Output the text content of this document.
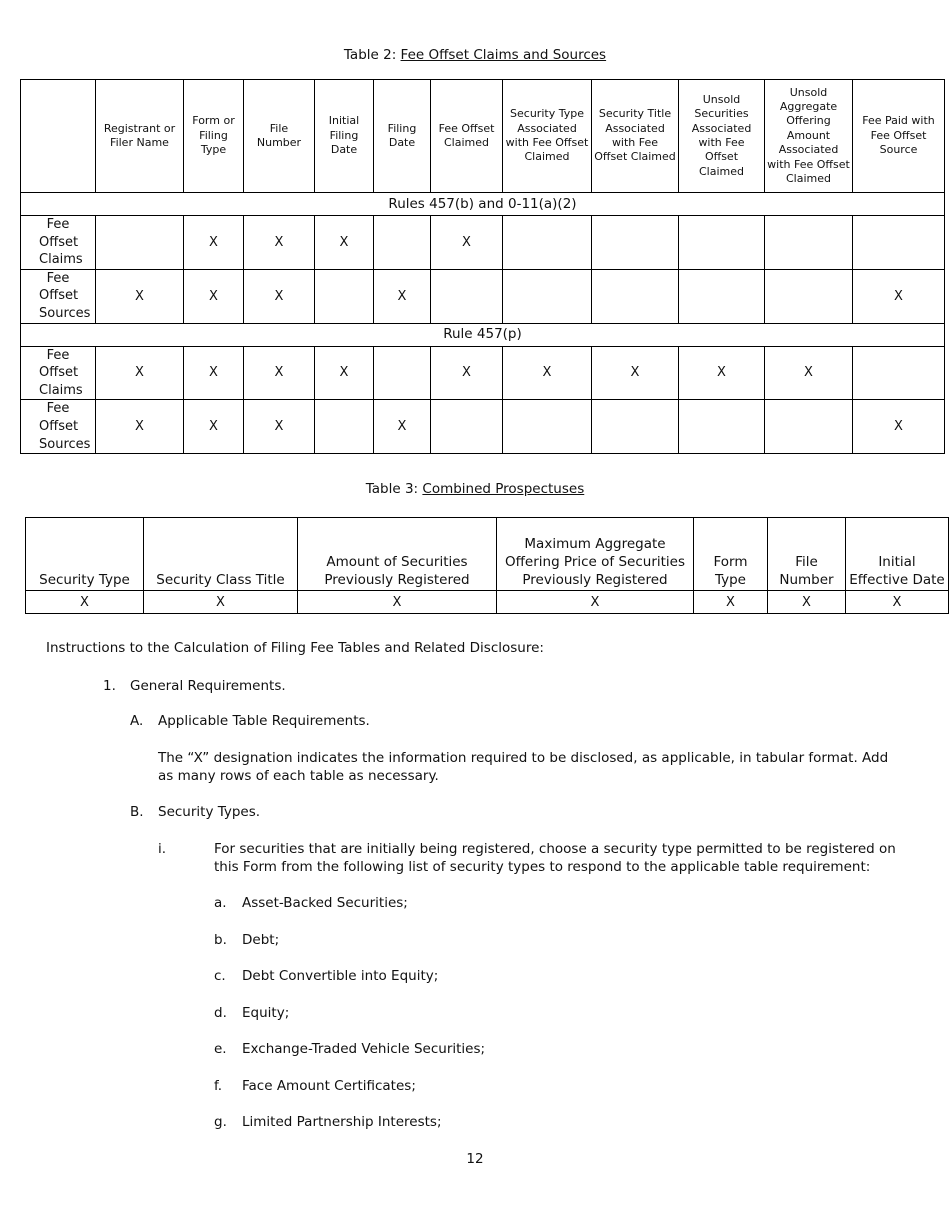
Table 2: Fee Offset Claims and Sources
	Registrant or Filer Name	Form or Filing Type	File Number	Initial Filing Date	Filing Date	Fee Offset Claimed	Security Type Associated with Fee Offset Claimed	Security Title Associated with Fee Offset Claimed	Unsold Securities Associated with Fee Offset Claimed	Unsold Aggregate Offering Amount Associated with Fee Offset Claimed	Fee Paid with Fee Offset Source
Rules 457(b) and 0-11(a)(2)											
Fee Offset Claims		X	X	X		X					
Fee Offset Sources	X	X	X		X						X
Rule 457(p)											
Fee Offset Claims	X	X	X	X		X	X	X	X	X	
Fee Offset Sources	X	X	X		X						X
Table 3: Combined Prospectuses
Security Type	Security Class Title	Amount of Securities Previously Registered	Maximum Aggregate Offering Price of Securities Previously Registered	Form Type	File Number	Initial Effective Date
X	X	X	X	X	X	X
Instructions to the Calculation of Filing Fee Tables and Related Disclosure:
1. General Requirements.
A. Applicable Table Requirements.
The “X” designation indicates the information required to be disclosed, as applicable, in tabular format. Add as many rows of each table as necessary.
B. Security Types.
i.	For securities that are initially being registered, choose a security type permitted to be registered on this Form from the following list of security types to respond to the applicable table requirement:
a. Asset-Backed Securities;
b. Debt;
c. Debt Convertible into Equity;
d. Equity;
e. Exchange-Traded Vehicle Securities;
f. Face Amount Certificates;
g. Limited Partnership Interests;
12
